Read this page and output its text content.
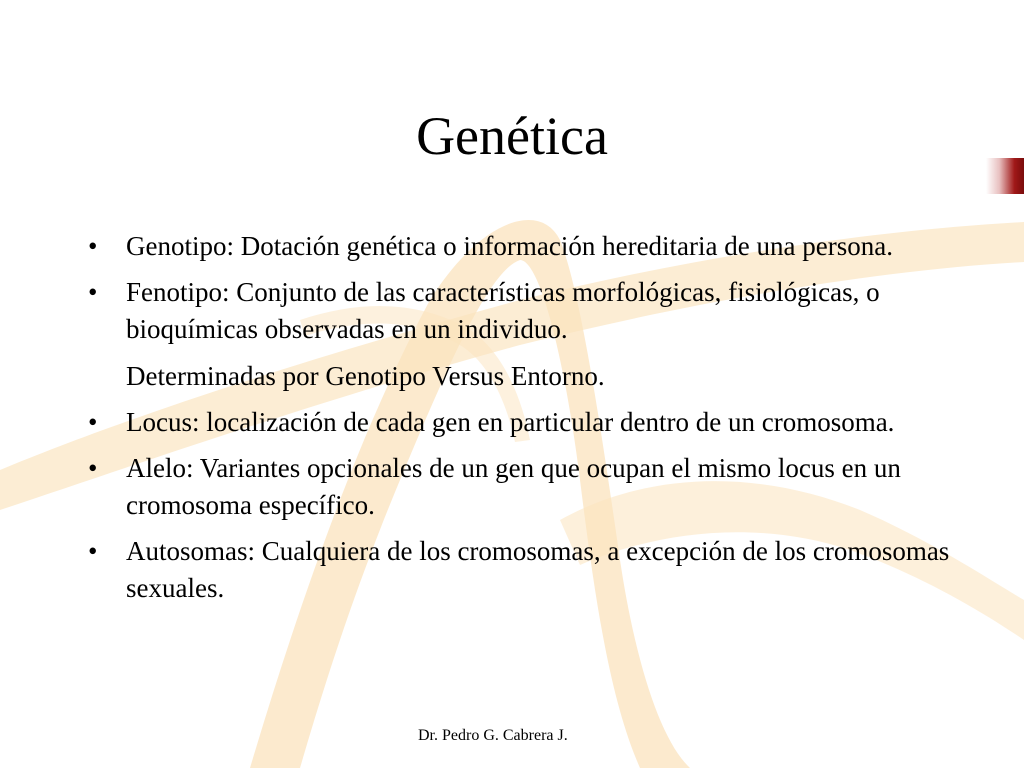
Genética
• Genotipo: Dotación genética o información hereditaria de una persona.
• Fenotipo: Conjunto de las características morfológicas, fisiológicas, o bioquímicas observadas en un individuo.
Determinadas por Genotipo Versus Entorno.
• Locus: localización de cada gen en particular dentro de un cromosoma.
• Alelo: Variantes opcionales de un gen que ocupan el mismo locus en un cromosoma específico.
• Autosomas: Cualquiera de los cromosomas, a excepción de los cromosomas sexuales.
Dr. Pedro G. Cabrera J.
